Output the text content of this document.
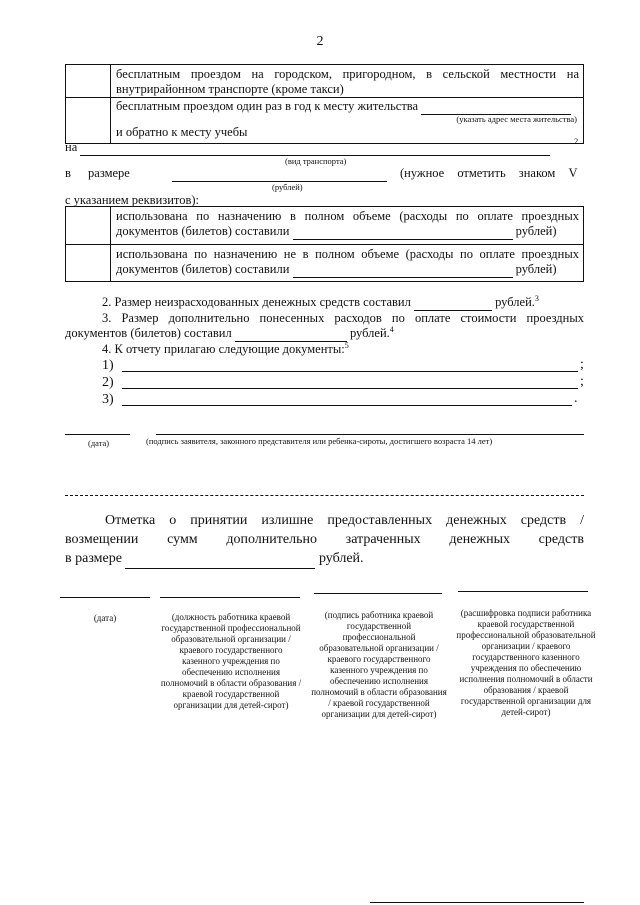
2
бесплатным проездом на городском, пригородном, в сельской местности на внутрирайонном транспорте (кроме такси)
бесплатным проездом один раз в год к месту жительства
(указать адрес места жительства)
и обратно к месту учебы
на	2
(вид транспорта)
в размере
	(нужное отметить знаком V
(рублей)
с указанием реквизитов):
использована по назначению в полном объеме (расходы по оплате проездных документов (билетов) составили	рублей)
использована по назначению не в полном объеме (расходы по оплате проездных документов (билетов) составили	рублей)
2. Размер неизрасходованных денежных средств составил	рублей.$^3$
3. Размер дополнительно понесенных расходов по оплате стоимости проездных документов (билетов) составил	рублей.$^4$
4. К отчету прилагаю следующие документы:$^5$
1)	;
2)	;
3)	.
(дата)	(подпись заявителя, законного представителя или ребенка-сироты, достигшего возраста 14 лет)
Отметка о принятии излишне предоставленных денежных средств /
возмещении сумм дополнительно затраченных денежных средств
в размере	рублей.
(дата)	(должность работника краевой государственной профессиональной образовательной организации / краевого государственного казенного учреждения по обеспечению исполнения полномочий в области образования / краевой государственной организации для детей-сирот)
(подпись работника краевой государственной профессиональной образовательной организации / краевого государственного казенного учреждения по обеспечению исполнения полномочий в области образования / краевой государственной организации для детей-сирот)
(расшифровка подписи работника краевой государственной профессиональной образовательной организации / краевого государственного казенного учреждения по обеспечению исполнения полномочий в области образования / краевой государственной организации для детей-сирот)
